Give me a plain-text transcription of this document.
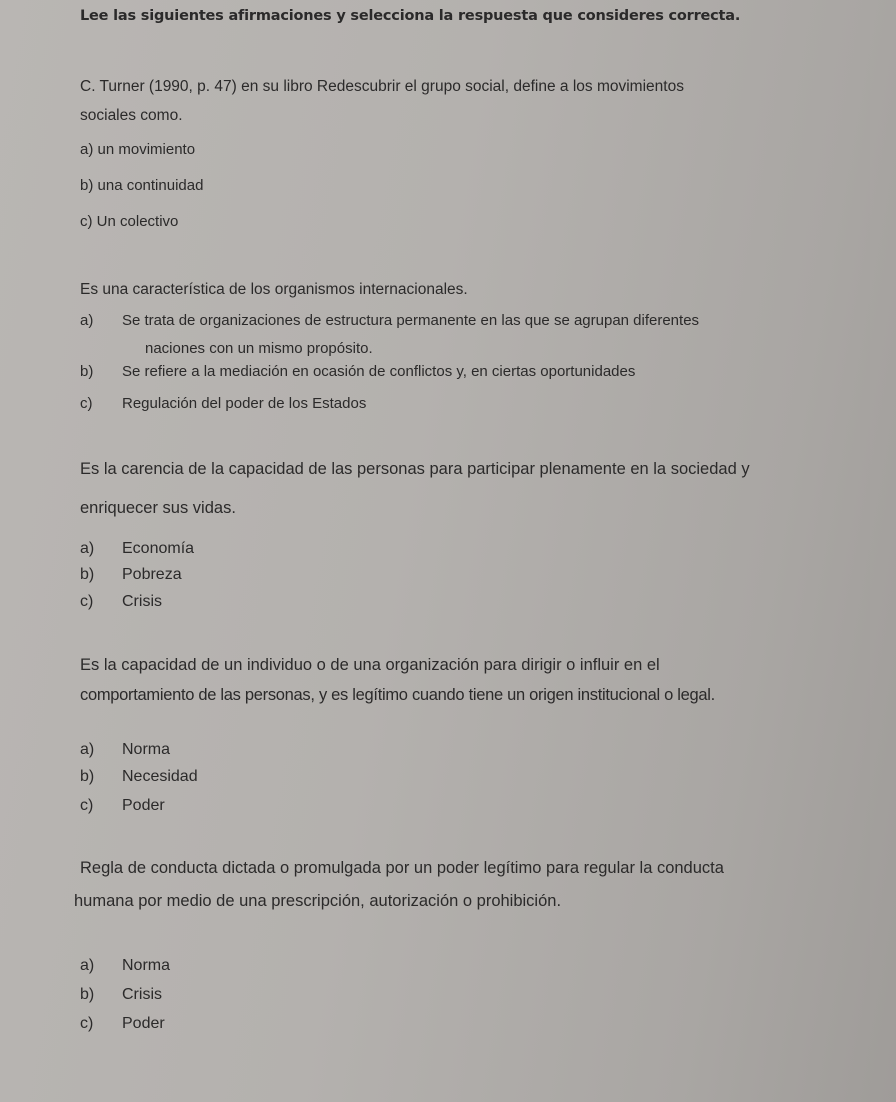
Lee las siguientes afirmaciones y selecciona la respuesta que consideres correcta.
C. Turner (1990, p. 47) en su libro Redescubrir el grupo social, define a los movimientos
sociales como.
a) un movimiento
b) una continuidad
c) Un colectivo
Es una característica de los organismos internacionales.
a) Se trata de organizaciones de estructura permanente en las que se agrupan diferentes
naciones con un mismo propósito.
b) Se refiere a la mediación en ocasión de conflictos y, en ciertas oportunidades
c) Regulación del poder de los Estados
Es la carencia de la capacidad de las personas para participar plenamente en la sociedad y
enriquecer sus vidas.
a) Economía
b) Pobreza
c) Crisis
Es la capacidad de un individuo o de una organización para dirigir o influir en el
comportamiento de las personas, y es legítimo cuando tiene un origen institucional o legal.
a) Norma
b) Necesidad
c) Poder
Regla de conducta dictada o promulgada por un poder legítimo para regular la conducta
humana por medio de una prescripción, autorización o prohibición.
a) Norma
b) Crisis
c) Poder
